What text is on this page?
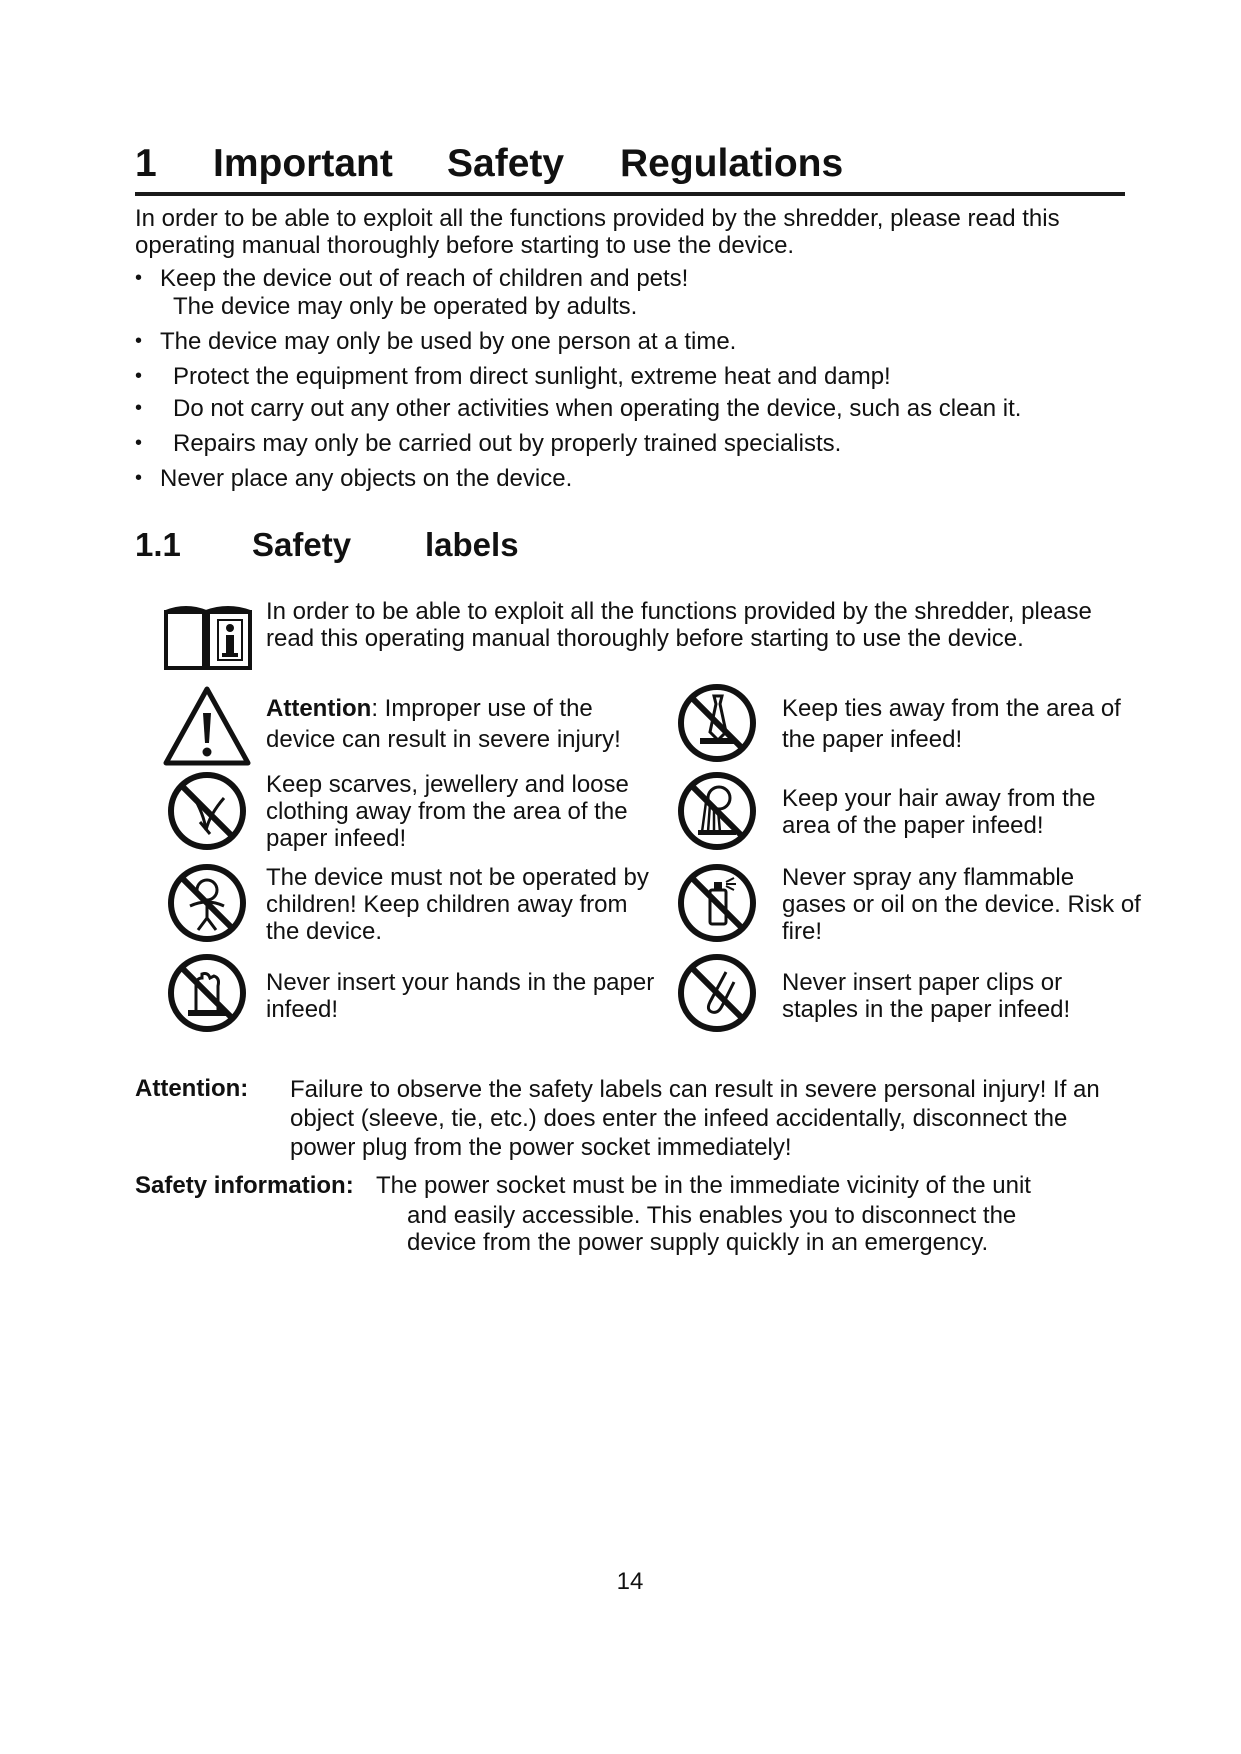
1 Important Safety Regulations
In order to be able to exploit all the functions provided by the shredder, please read this operating manual thoroughly before starting to use the device.
• Keep the device out of reach of children and pets!
The device may only be operated by adults.
• The device may only be used by one person at a time.
• Protect the equipment from direct sunlight, extreme heat and damp!
• Do not carry out any other activities when operating the device, such as clean it.
• Repairs may only be carried out by properly trained specialists.
• Never place any objects on the device.
1.1 Safety labels
In order to be able to exploit all the functions provided by the shredder, please read this operating manual thoroughly before starting to use the device.
Attention: Improper use of the device can result in severe injury!
Keep scarves, jewellery and loose clothing away from the area of the paper infeed!
The device must not be operated by children! Keep children away from the device.
Never insert your hands in the paper infeed!
Keep ties away from the area of the paper infeed!
Keep your hair away from the area of the paper infeed!
Never spray any flammable gases or oil on the device. Risk of fire!
Never insert paper clips or staples in the paper infeed!
Attention: Failure to observe the safety labels can result in severe personal injury! If an object (sleeve, tie, etc.) does enter the infeed accidentally, disconnect the power plug from the power socket immediately!
Safety information: The power socket must be in the immediate vicinity of the unit
and easily accessible. This enables you to disconnect the device from the power supply quickly in an emergency.
14
